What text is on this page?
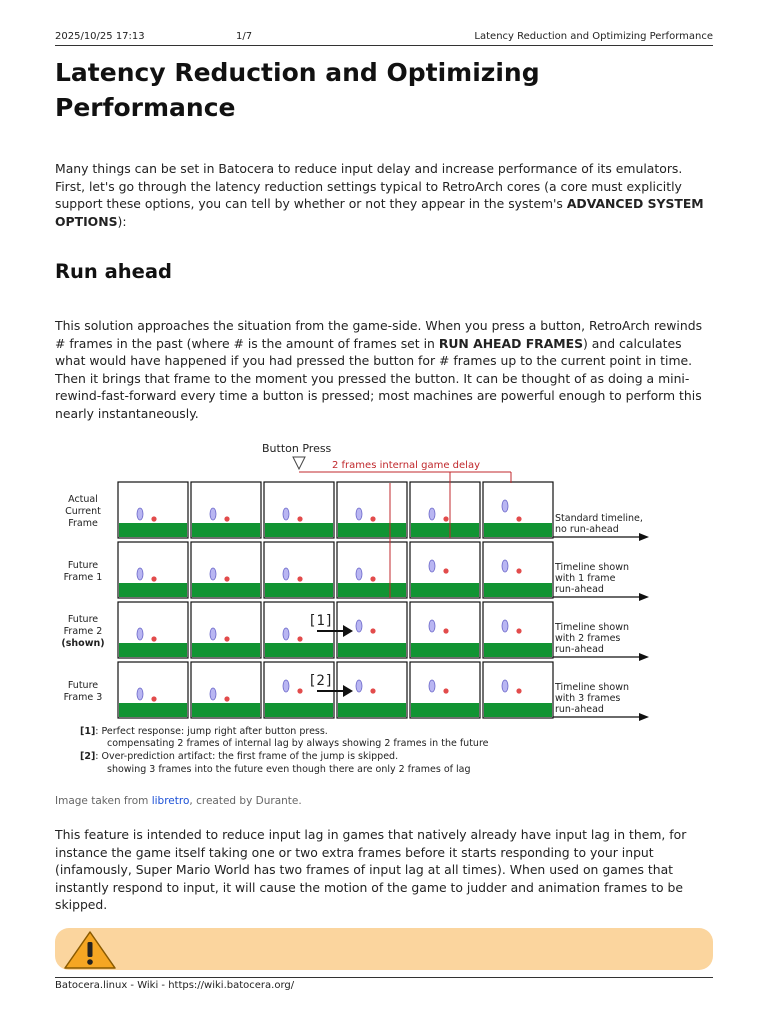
2025/10/25 17:13	1/7	Latency Reduction and Optimizing Performance
Latency Reduction and Optimizing Performance

Many things can be set in Batocera to reduce input delay and increase performance of its emulators. First, let's go through the latency reduction settings typical to RetroArch cores (a core must explicitly support these options, you can tell by whether or not they appear in the system's ADVANCED SYSTEM OPTIONS):

Run ahead

This solution approaches the situation from the game-side. When you press a button, RetroArch rewinds # frames in the past (where # is the amount of frames set in RUN AHEAD FRAMES) and calculates what would have happened if you had pressed the button for # frames up to the current point in time. Then it brings that frame to the moment you pressed the button. It can be thought of as doing a mini-rewind-fast-forward every time a button is pressed; most machines are powerful enough to perform this nearly instantaneously.

Actual
Current
Frame
Future
Frame 1
Future
Frame 2
(shown)
Future
Frame 3
Standard timeline,
no run-ahead
Timeline shown
with 1 frame
run-ahead
Timeline shown
with 2 frames
run-ahead
Timeline shown
with 3 frames
run-ahead
Button Press
2 frames internal game delay
[1]
[2]
[1]: Perfect response: jump right after button press.
compensating 2 frames of internal lag by always showing 2 frames in the future
[2]: Over-prediction artifact: the first frame of the jump is skipped.
showing 3 frames into the future even though there are only 2 frames of lag
Image taken from libretro, created by Durante.

This feature is intended to reduce input lag in games that natively already have input lag in them, for instance the game itself taking one or two extra frames before it starts responding to your input (infamously, Super Mario World has two frames of input lag at all times). When used on games that instantly respond to input, it will cause the motion of the game to judder and animation frames to be skipped.

Batocera.linux - Wiki - https://wiki.batocera.org/
